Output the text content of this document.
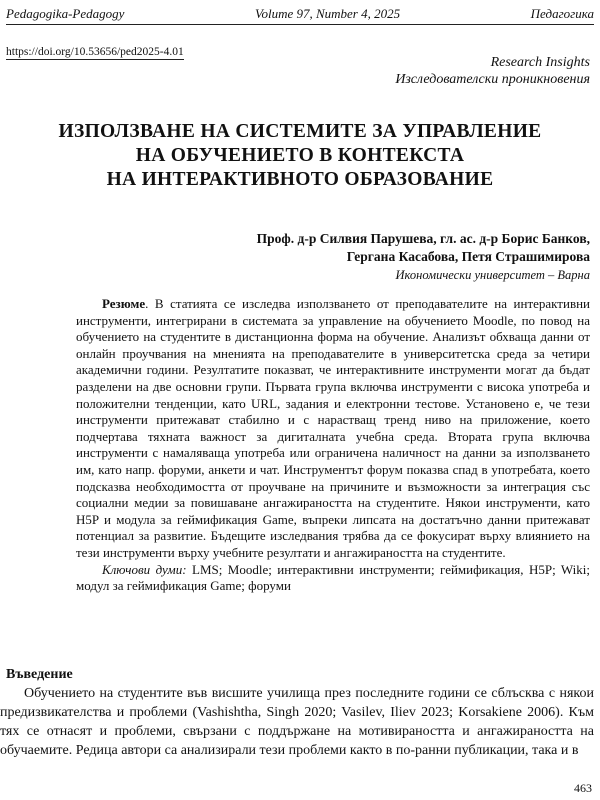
Pedagogika-Pedagogy	Volume 97, Number 4, 2025	Педагогика
https://doi.org/10.53656/ped2025-4.01
Research Insights
Изследователски проникновения
ИЗПОЛЗВАНЕ НА СИСТЕМИТЕ ЗА УПРАВЛЕНИЕ
НА ОБУЧЕНИЕТО В КОНТЕКСТА
НА ИНТЕРАКТИВНОТО ОБРАЗОВАНИЕ
Проф. д-р Силвия Парушева, гл. ас. д-р Борис Банков,
Гергана Касабова, Петя Страшимирова
Икономически университет – Варна

Резюме. В статията се изследва използването от преподавателите на интерактивни инструменти, интегрирани в системата за управление на обучението Moodle, по повод на обучението на студентите в дистанционна форма на обучение. Анализът обхваща данни от онлайн проучвания на мненията на преподавателите в университетска среда за четири академични години. Резултатите показват, че интерактивните инструменти могат да бъдат разделени на две основни групи. Първата група включва инструменти с висока употреба и положителни тенденции, като URL, задания и електронни тестове. Установено е, че тези инструменти притежават стабилно и с нарастващ тренд ниво на приложение, което подчертава тяхната важност за дигиталната учебна среда. Втората група включва инструменти с намаляваща употреба или ограничена наличност на данни за използването им, като напр. форуми, анкети и чат. Инструментът форум показва спад в употребата, което подсказва необходимостта от проучване на причините и възможности за интеграция със социални медии за повишаване ангажираността на студентите. Някои инструменти, като H5P и модула за геймификация Game, въпреки липсата на достатъчно данни притежават потенциал за развитие. Бъдещите изследвания трябва да се фокусират върху влиянието на тези инструменти върху учебните резултати и ангажираността на студентите.

Ключови думи: LMS; Moodle; интерактивни инструменти; геймификация, H5P; Wiki; модул за геймификация Game; форуми

Въведение

Обучението на студентите във висшите училища през последните години се сблъсква с някои предизвикателства и проблеми (Vashishtha, Singh 2020; Vasilev, Iliev 2023; Korsakiene 2006). Към тях се отнасят и проблеми, свързани с поддържане на мотивираността и ангажираността на обучаемите. Редица автори са анализирали тези проблеми както в по-ранни публикации, така и в

463
